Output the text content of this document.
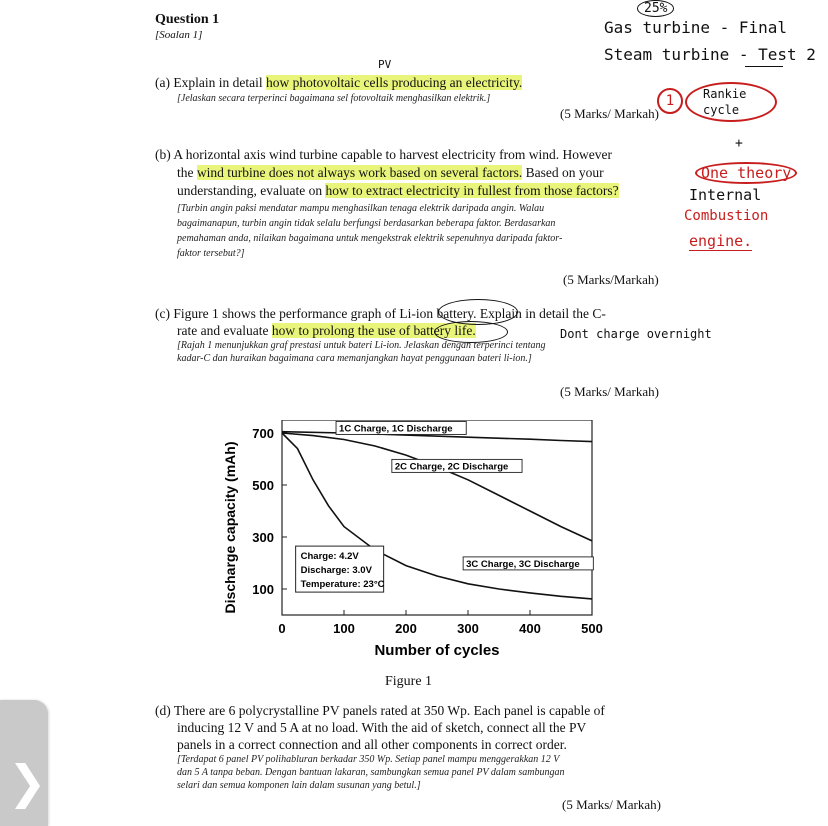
Question 1
[Soalan 1]
25%
Gas turbine - Final
Steam turbine - Test 2
PV
(a) Explain in detail how photovoltaic cells producing an electricity.
[Jelaskan secara terperinci bagaimana sel fotovoltaik menghasilkan elektrik.]
(5 Marks/ Markah)
1	Rankie cycle
+
(b) A horizontal axis wind turbine capable to harvest electricity from wind. However
the wind turbine does not always work based on several factors. Based on your
understanding, evaluate on how to extract electricity in fullest from those factors?
[Turbin angin paksi mendatar mampu menghasilkan tenaga elektrik daripada angin. Walau
bagaimanapun, turbin angin tidak selalu berfungsi berdasarkan beberapa faktor. Berdasarkan
pemahaman anda, nilaikan bagaimana untuk mengekstrak elektrik sepenuhnya daripada faktor-
faktor tersebut?]
(5 Marks/Markah)
One theory
Internal
Combustion
engine.
(c) Figure 1 shows the performance graph of Li-ion battery. Explain in detail the C-
rate and evaluate how to prolong the use of battery life.	Dont charge overnight
[Rajah 1 menunjukkan graf prestasi untuk bateri Li-ion. Jelaskan dengan terperinci tentang
kadar-C dan huraikan bagaimana cara memanjangkan hayat penggunaan bateri li-ion.]
(5 Marks/ Markah)
100
300
500
700
0	100	200	300	400	500
Number of cycles
Discharge capacity (mAh)
1C Charge, 1C Discharge
2C Charge, 2C Discharge
3C Charge, 3C Discharge
Charge: 4.2V
Discharge: 3.0V
Temperature: 23°C
Figure 1
(d) There are 6 polycrystalline PV panels rated at 350 Wp. Each panel is capable of
inducing 12 V and 5 A at no load. With the aid of sketch, connect all the PV
panels in a correct connection and all other components in correct order.
[Terdapat 6 panel PV polihabluran berkadar 350 Wp. Setiap panel mampu menggerakkan 12 V
dan 5 A tanpa beban. Dengan bantuan lakaran, sambungkan semua panel PV dalam sambungan
selari dan semua komponen lain dalam susunan yang betul.]
(5 Marks/ Markah)
❯
